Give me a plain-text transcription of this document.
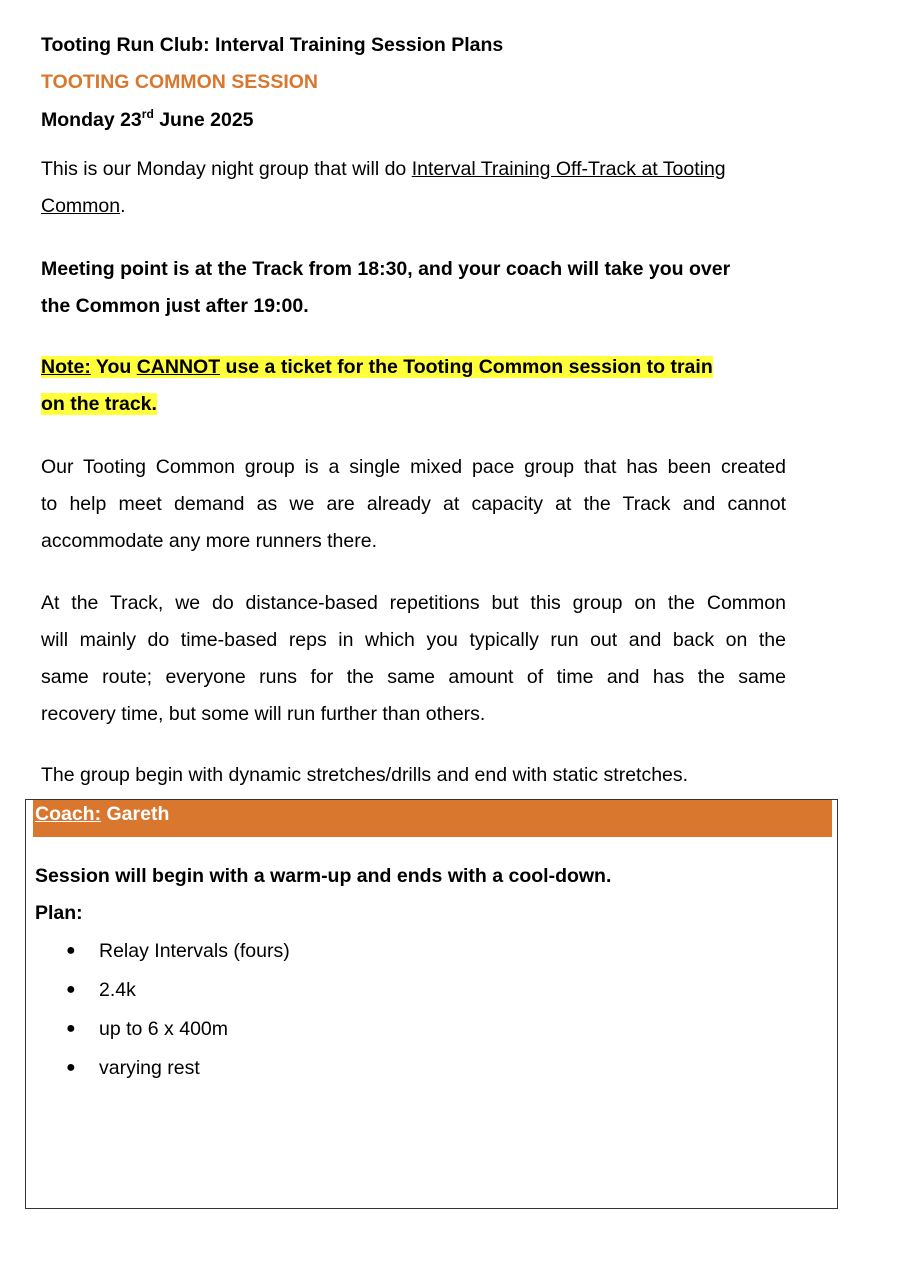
Tooting Run Club: Interval Training Session Plans
TOOTING COMMON SESSION
Monday 23rd June 2025
This is our Monday night group that will do Interval Training Off-Track at Tooting
Common.
Meeting point is at the Track from 18:30, and your coach will take you over
the Common just after 19:00.
Note: You CANNOT use a ticket for the Tooting Common session to train
on the track.
Our Tooting Common group is a single mixed pace group that has been created
to help meet demand as we are already at capacity at the Track and cannot
accommodate any more runners there.
At the Track, we do distance-based repetitions but this group on the Common
will mainly do time-based reps in which you typically run out and back on the
same route; everyone runs for the same amount of time and has the same
recovery time, but some will run further than others.
The group begin with dynamic stretches/drills and end with static stretches.
Coach: Gareth
Session will begin with a warm-up and ends with a cool-down.
Plan:
● Relay Intervals (fours)
● 2.4k
● up to 6 x 400m
● varying rest
